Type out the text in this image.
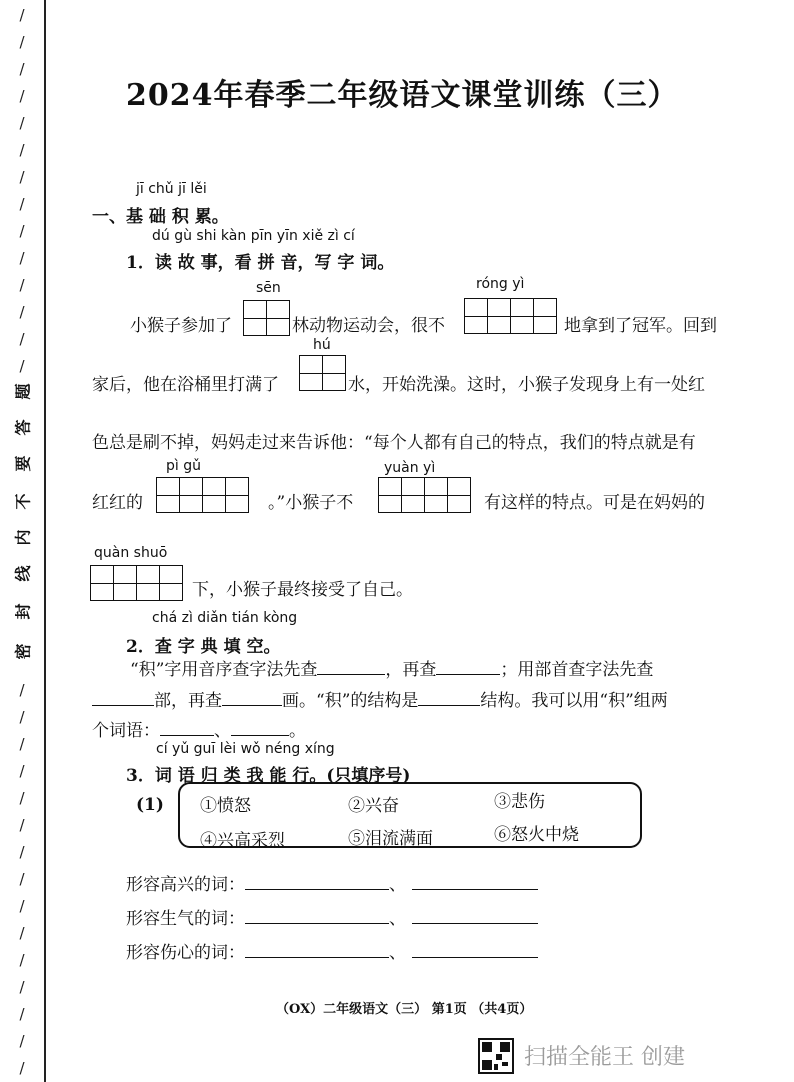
密
封
线
内
不
要
答
题
/
/
/
/
/
/
/
/
/
/
/
/
/
/
/
/
/
/
/
/
/
/
/
/
/
/
/
/
/
2024年春季二年级语文课堂训练（三）
jī chǔ jī lěi
一、基 础 积 累。
dú gù shi kàn pīn yīn xiě zì cí
1．读 故 事，看 拼 音，写 字 词。
sēn	róng yì
小猴子参加了	林动物运动会，很不	地拿到了冠军。回到
hú
家后，他在浴桶里打满了	水，开始洗澡。这时，小猴子发现身上有一处红
色总是刷不掉，妈妈走过来告诉他：“每个人都有自己的特点，我们的特点就是有
pì gǔ	yuàn yì
红红的	。”小猴子不	有这样的特点。可是在妈妈的
quàn shuō
下，小猴子最终接受了自己。
chá zì diǎn tián kòng
2．查 字 典 填 空。
“积”字用音序查字法先查	，再查	；用部首查字法先查
部，再查	画。“积”的结构是	结构。我可以用“积”组两
个词语：	、	。
cí yǔ guī lèi wǒ néng xíng
3．词 语 归 类 我 能 行。(只填序号)
(1) ①愤怒	②兴奋	③悲伤
④兴高采烈	⑤泪流满面	⑥怒火中烧
形容高兴的词：	、
形容生气的词：	、
形容伤心的词：	、
（OX）二年级语文（三） 第1页 （共4页）
扫描全能王 创建
